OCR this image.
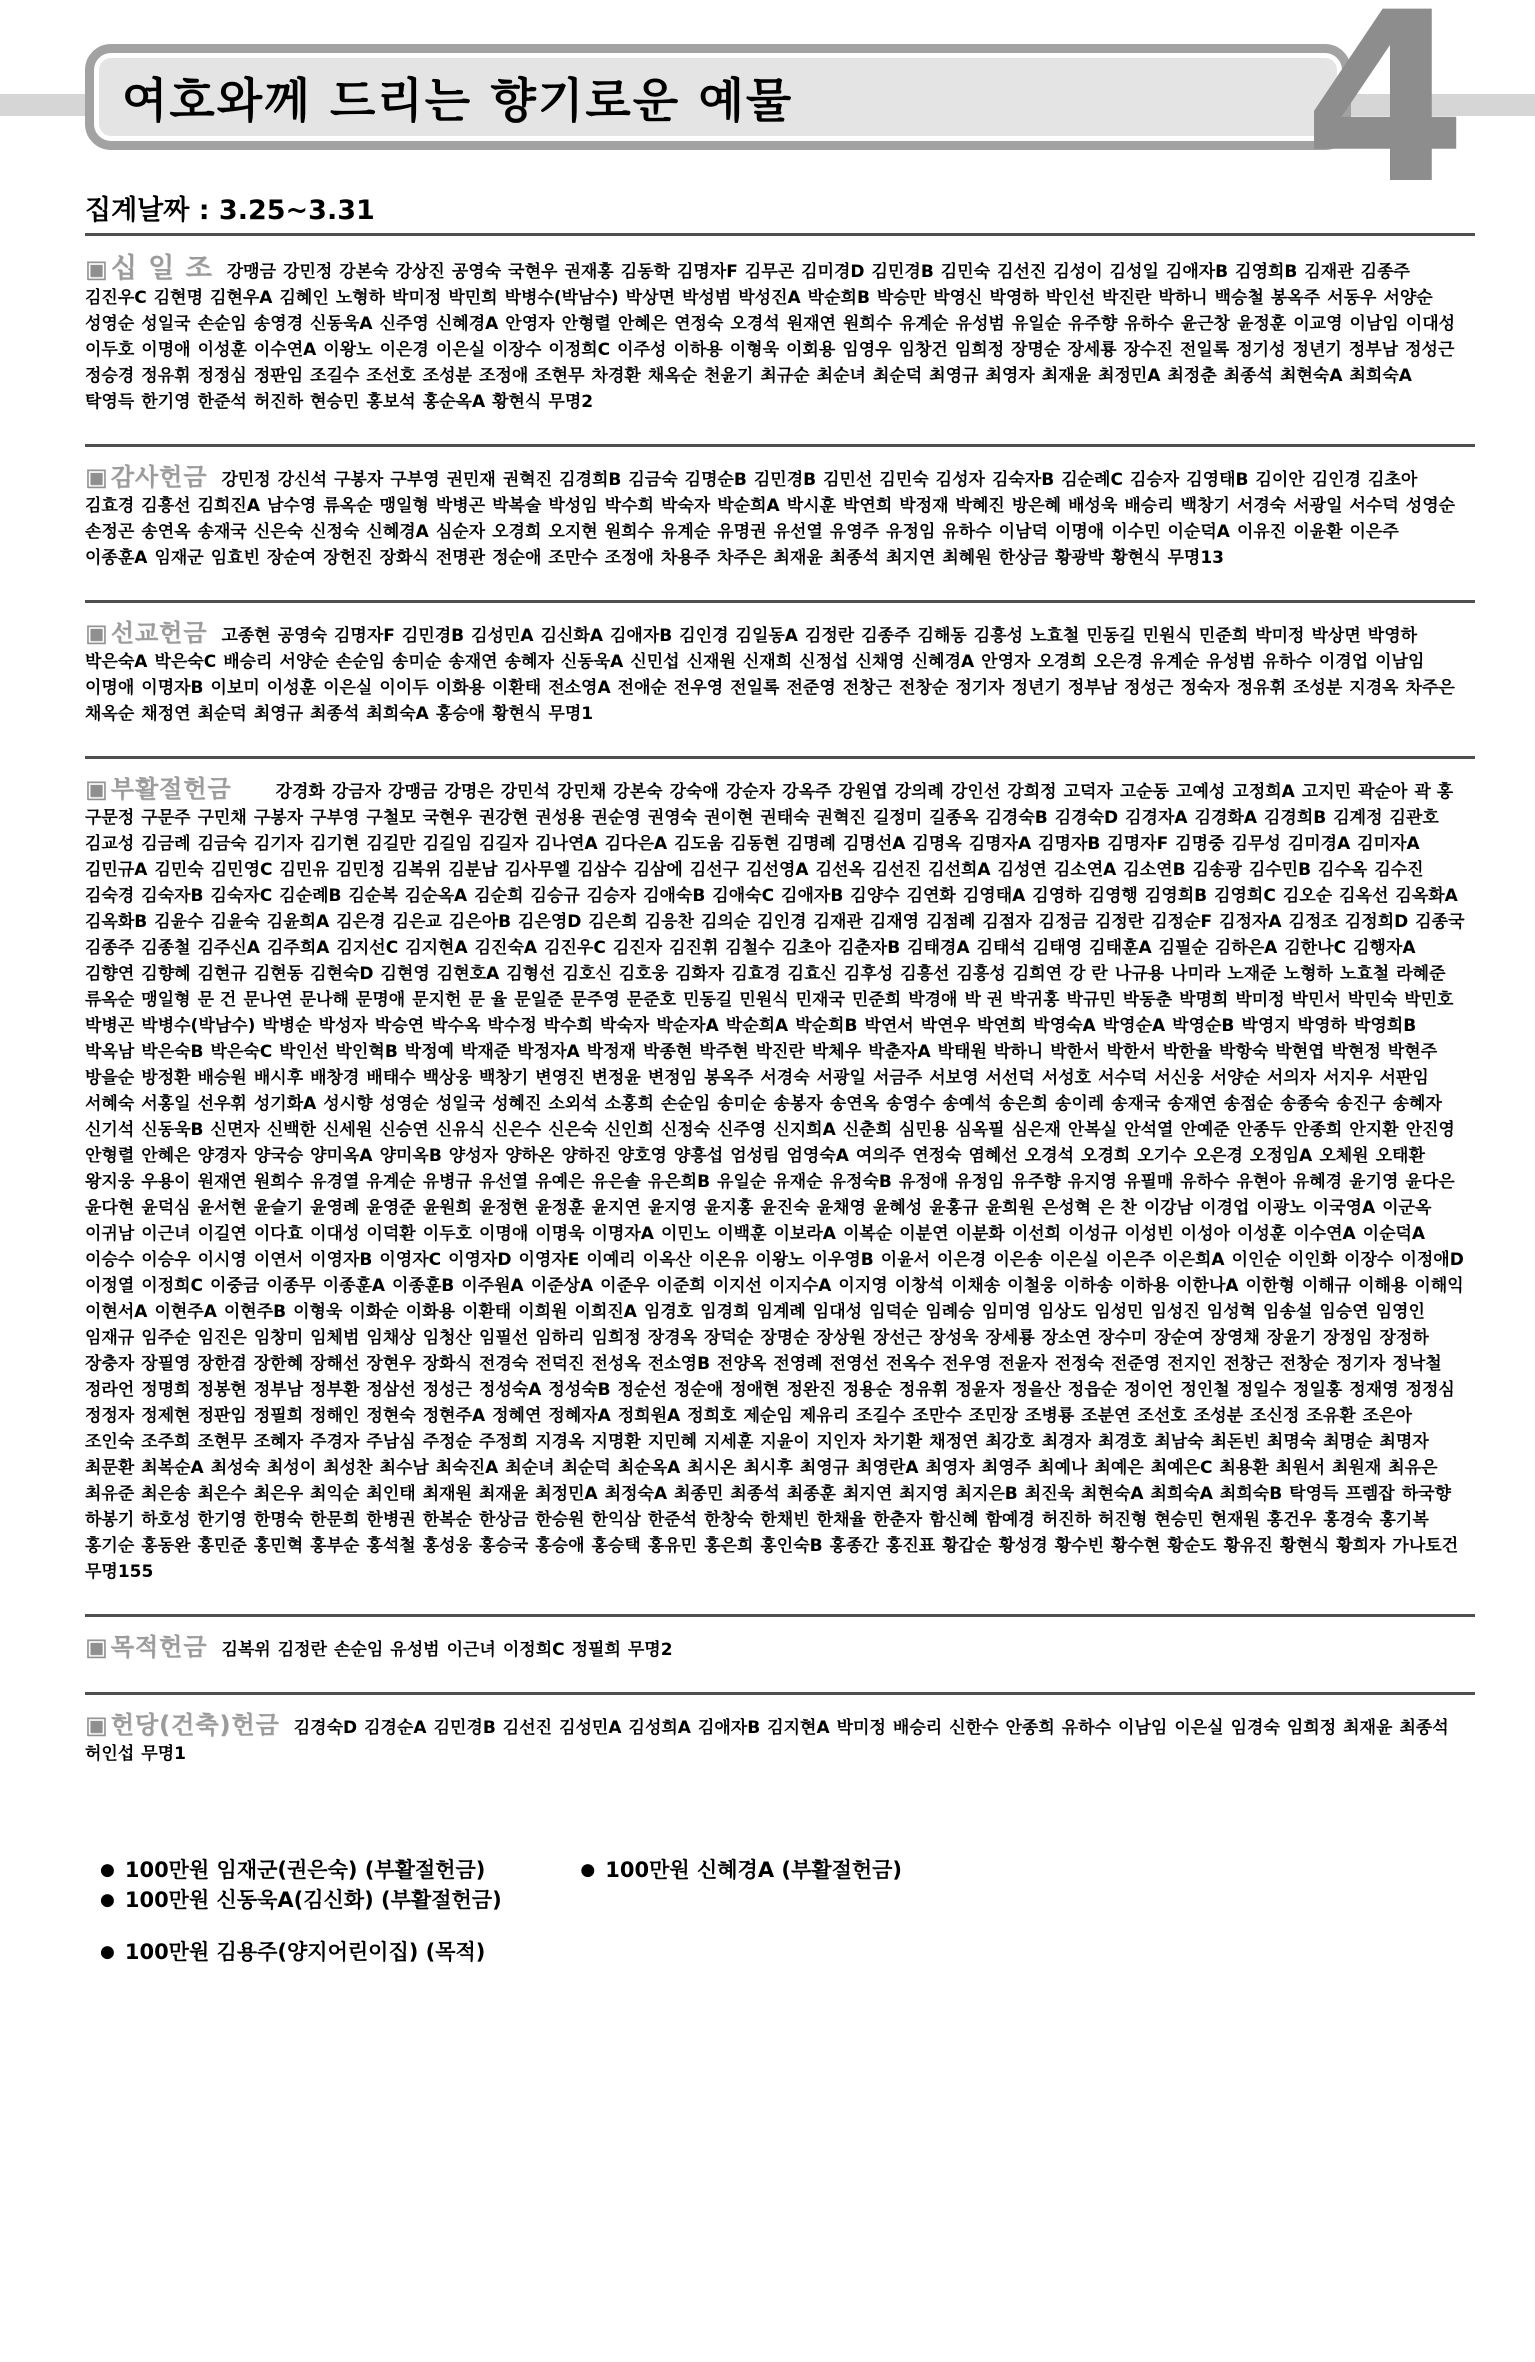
여호와께 드리는 향기로운 예물 4
집계날짜 : 3.25~3.31
▣십 일 조 강맹금 강민정 강본숙 강상진 공영숙 국현우 권재홍 김동학 김명자F 김무곤 김미경D 김민경B 김민숙 김선진 김성이 김성일 김애자B 김영희B 김재관 김종주김진우C 김현명 김현우A 김혜인 노형하 박미정 박민희 박병수(박남수) 박상면 박성범 박성진A 박순희B 박승만 박영신 박영하 박인선 박진란 박하니 백승철 봉옥주 서동우 서양순성영순 성일국 손순임 송영경 신동욱A 신주영 신혜경A 안영자 안형렬 안혜은 연정숙 오경석 원재연 원희수 유계순 유성범 유일순 유주향 유하수 윤근창 윤정훈 이교영 이남임 이대성이두호 이명애 이성훈 이수연A 이왕노 이은경 이은실 이장수 이정희C 이주성 이하용 이형욱 이회용 임영우 임창건 임희정 장명순 장세룡 장수진 전일록 정기성 정년기 정부남 정성근정승경 정유휘 정정심 정판임 조길수 조선호 조성분 조정애 조현무 차경환 채옥순 천윤기 최규순 최순녀 최순덕 최영규 최영자 최재윤 최정민A 최정춘 최종석 최현숙A 최희숙A탁영득 한기영 한준석 허진하 현승민 홍보석 홍순옥A 황현식 무명2
▣감사헌금 강민정 강신석 구봉자 구부영 권민재 권혁진 김경희B 김금숙 김명순B 김민경B 김민선 김민숙 김성자 김숙자B 김순례C 김승자 김영태B 김이안 김인경 김초아김효경 김흥선 김희진A 남수영 류옥순 맹일형 박병곤 박복술 박성임 박수희 박숙자 박순희A 박시훈 박연희 박정재 박혜진 방은혜 배성욱 배승리 백창기 서경숙 서광일 서수덕 성영순손정곤 송연옥 송재국 신은숙 신정숙 신혜경A 심순자 오경희 오지현 원희수 유계순 유명권 유선열 유영주 유정임 유하수 이남덕 이명애 이수민 이순덕A 이유진 이윤환 이은주이종훈A 임재군 임효빈 장순여 장헌진 장화식 전명관 정순애 조만수 조정애 차용주 차주은 최재윤 최종석 최지연 최혜원 한상금 황광박 황현식 무명13
▣선교헌금 고종현 공영숙 김명자F 김민경B 김성민A 김신화A 김애자B 김인경 김일동A 김정란 김종주 김해동 김흥성 노효철 민동길 민원식 민준희 박미정 박상면 박영하박은숙A 박은숙C 배승리 서양순 손순임 송미순 송재연 송혜자 신동욱A 신민섭 신재원 신재희 신정섭 신채영 신혜경A 안영자 오경희 오은경 유계순 유성범 유하수 이경업 이남임이명애 이명자B 이보미 이성훈 이은실 이이두 이화용 이환태 전소영A 전애순 전우영 전일록 전준영 전창근 전창순 정기자 정년기 정부남 정성근 정숙자 정유휘 조성분 지경옥 차주은채옥순 채정연 최순덕 최영규 최종석 최희숙A 홍승애 황현식 무명1
▣부활절헌금	강경화 강금자 강맹금 강명은 강민석 강민채 강본숙 강숙애 강순자 강옥주 강원엽 강의례 강인선 강희정 고덕자 고순동 고예성 고정희A 고지민 곽순아 곽 홍구문정 구문주 구민채 구봉자 구부영 구철모 국현우 권강현 권성용 권순영 권영숙 권이현 권태숙 권혁진 길정미 길종옥 김경숙B 김경숙D 김경자A 김경화A 김경희B 김계정 김관호김교성 김금례 김금숙 김기자 김기현 김길만 김길임 김길자 김나연A 김다은A 김도움 김동현 김명례 김명선A 김명옥 김명자A 김명자B 김명자F 김명중 김무성 김미경A 김미자A김민규A 김민숙 김민영C 김민유 김민정 김복위 김분남 김사무엘 김삼수 김삼에 김선구 김선영A 김선옥 김선진 김선희A 김성연 김소연A 김소연B 김송광 김수민B 김수옥 김수진김숙경 김숙자B 김숙자C 김순례B 김순복 김순옥A 김순희 김승규 김승자 김애숙B 김애숙C 김애자B 김양수 김연화 김영태A 김영하 김영행 김영희B 김영희C 김오순 김옥선 김옥화A김옥화B 김윤수 김윤숙 김윤희A 김은경 김은교 김은아B 김은영D 김은희 김응찬 김의순 김인경 김재관 김재영 김점례 김점자 김정금 김정란 김정순F 김정자A 김정조 김정희D 김종국김종주 김종철 김주신A 김주희A 김지선C 김지현A 김진숙A 김진우C 김진자 김진휘 김철수 김초아 김춘자B 김태경A 김태석 김태영 김태훈A 김필순 김하은A 김한나C 김행자A김향연 김향혜 김현규 김현동 김현숙D 김현영 김현호A 김형선 김호신 김호웅 김화자 김효경 김효신 김후성 김흥선 김흥성 김희연 강 란 나규용 나미라 노재준 노형하 노효철 라혜준류옥순 맹일형 문 건 문나연 문나해 문명애 문지헌 문 율 문일준 문주영 문준호 민동길 민원식 민재국 민준희 박경애 박 권 박귀홍 박규민 박동춘 박명희 박미정 박민서 박민숙 박민호박병곤 박병수(박남수) 박병순 박성자 박승연 박수옥 박수정 박수희 박숙자 박순자A 박순희A 박순희B 박연서 박연우 박연희 박영숙A 박영순A 박영순B 박영지 박영하 박영희B박옥남 박은숙B 박은숙C 박인선 박인혁B 박정예 박재준 박정자A 박정재 박종현 박주현 박진란 박체우 박춘자A 박태원 박하니 박한서 박한서 박한율 박항숙 박현엽 박현정 박현주방을순 방정환 배승원 배시후 배창경 배태수 백상웅 백창기 변영진 변정윤 변정임 봉옥주 서경숙 서광일 서금주 서보영 서선덕 서성호 서수덕 서신웅 서양순 서의자 서지우 서판임서혜숙 서홍일 선우휘 성기화A 성시향 성영순 성일국 성혜진 소외석 소홍희 손순임 송미순 송봉자 송연옥 송영수 송예석 송은희 송이레 송재국 송재연 송점순 송종숙 송진구 송혜자신기석 신동욱B 신면자 신백한 신세원 신승연 신유식 신은수 신은숙 신인희 신정숙 신주영 신지희A 신춘희 심민용 심옥필 심은재 안복실 안석열 안예준 안종두 안종희 안지환 안진영안형렬 안혜은 양경자 양국승 양미옥A 양미옥B 양성자 양하온 양하진 양호영 양흥섭 엄성림 엄영숙A 여의주 연정숙 염혜선 오경석 오경희 오기수 오은경 오정임A 오체원 오태환왕지웅 우용이 원재연 원희수 유경열 유계순 유병규 유선열 유예은 유은솔 유은희B 유일순 유재순 유정숙B 유정애 유정임 유주향 유지영 유필매 유하수 유현아 유혜경 윤기영 윤다은윤다현 윤덕심 윤서현 윤슬기 윤영례 윤영준 윤원희 윤정현 윤정훈 윤지연 윤지영 윤지홍 윤진숙 윤채영 윤혜성 윤홍규 윤희원 은성혁 은 찬 이강남 이경업 이광노 이국영A 이군옥이귀남 이근녀 이길연 이다효 이대성 이덕환 이두호 이명애 이명욱 이명자A 이민노 이백훈 이보라A 이복순 이분연 이분화 이선희 이성규 이성빈 이성아 이성훈 이수연A 이순덕A이승수 이승우 이시영 이연서 이영자B 이영자C 이영자D 이영자E 이예리 이옥산 이온유 이왕노 이우영B 이윤서 이은경 이은송 이은실 이은주 이은희A 이인순 이인화 이장수 이정애D이정열 이정희C 이중금 이종무 이종훈A 이종훈B 이주원A 이준상A 이준우 이준희 이지선 이지수A 이지영 이창석 이채송 이철웅 이하송 이하용 이한나A 이한형 이해규 이해용 이해익이현서A 이현주A 이현주B 이형욱 이화순 이화용 이환태 이희원 이희진A 임경호 임경희 임계례 임대성 임덕순 임례승 임미영 임상도 임성민 임성진 임성혁 임송설 임승연 임영인임재규 임주순 임진은 임창미 임체범 임채상 임청산 임필선 임하리 임희정 장경옥 장덕순 장명순 장상원 장선근 장성욱 장세룡 장소연 장수미 장순여 장영채 장윤기 장정임 장정하장충자 장필영 장한겸 장한혜 장해선 장현우 장화식 전경숙 전덕진 전성옥 전소영B 전양옥 전영례 전영선 전옥수 전우영 전윤자 전정숙 전준영 전지인 전창근 전창순 정기자 정낙철정라언 정명희 정봉현 정부남 정부환 정삼선 정성근 정성숙A 정성숙B 정순선 정순애 정애현 정완진 정용순 정유휘 정윤자 정을산 정읍순 정이언 정인철 정일수 정일홍 정재영 정정심정정자 정제현 정판임 정필희 정해인 정현숙 정현주A 정혜연 정혜자A 정희원A 정희호 제순임 제유리 조길수 조만수 조민장 조병룡 조분연 조선호 조성분 조신정 조유환 조은아조인숙 조주희 조현무 조혜자 주경자 주남심 주정순 주정희 지경옥 지명환 지민혜 지세훈 지윤이 지인자 차기환 채정연 최강호 최경자 최경호 최남숙 최돈빈 최명숙 최명순 최명자최문환 최복순A 최성숙 최성이 최성찬 최수남 최숙진A 최순녀 최순덕 최순옥A 최시온 최시후 최영규 최영란A 최영자 최영주 최예나 최예은 최예은C 최용환 최원서 최원재 최유은최유준 최은송 최은수 최은우 최익순 최인태 최재원 최재윤 최정민A 최정숙A 최종민 최종석 최종훈 최지연 최지영 최지은B 최진욱 최현숙A 최희숙A 최희숙B 탁영득 프렘잡 하국향하봉기 하호성 한기영 한명숙 한문희 한병권 한복순 한상금 한승원 한익삼 한준석 한창숙 한채빈 한채율 한춘자 함신혜 함예경 허진하 허진형 현승민 현재원 홍건우 홍경숙 홍기복홍기순 홍동완 홍민준 홍민혁 홍부순 홍석철 홍성웅 홍승국 홍승애 홍승택 홍유민 홍은희 홍인숙B 홍종간 홍진표 황갑순 황성경 황수빈 황수현 황순도 황유진 황현식 황희자 가나토건무명155
▣목적헌금 김복위 김정란 손순임 유성범 이근녀 이정희C 정필희 무명2
▣헌당(건축)헌금 김경숙D 김경순A 김민경B 김선진 김성민A 김성희A 김애자B 김지현A 박미정 배승리 신한수 안종희 유하수 이남임 이은실 임경숙 임희정 최재윤 최종석허인섭 무명1
● 100만원 임재군(권은숙) (부활절헌금)	● 100만원 신혜경A (부활절헌금)
● 100만원 신동욱A(김신화) (부활절헌금)
● 100만원 김용주(양지어린이집) (목적)
